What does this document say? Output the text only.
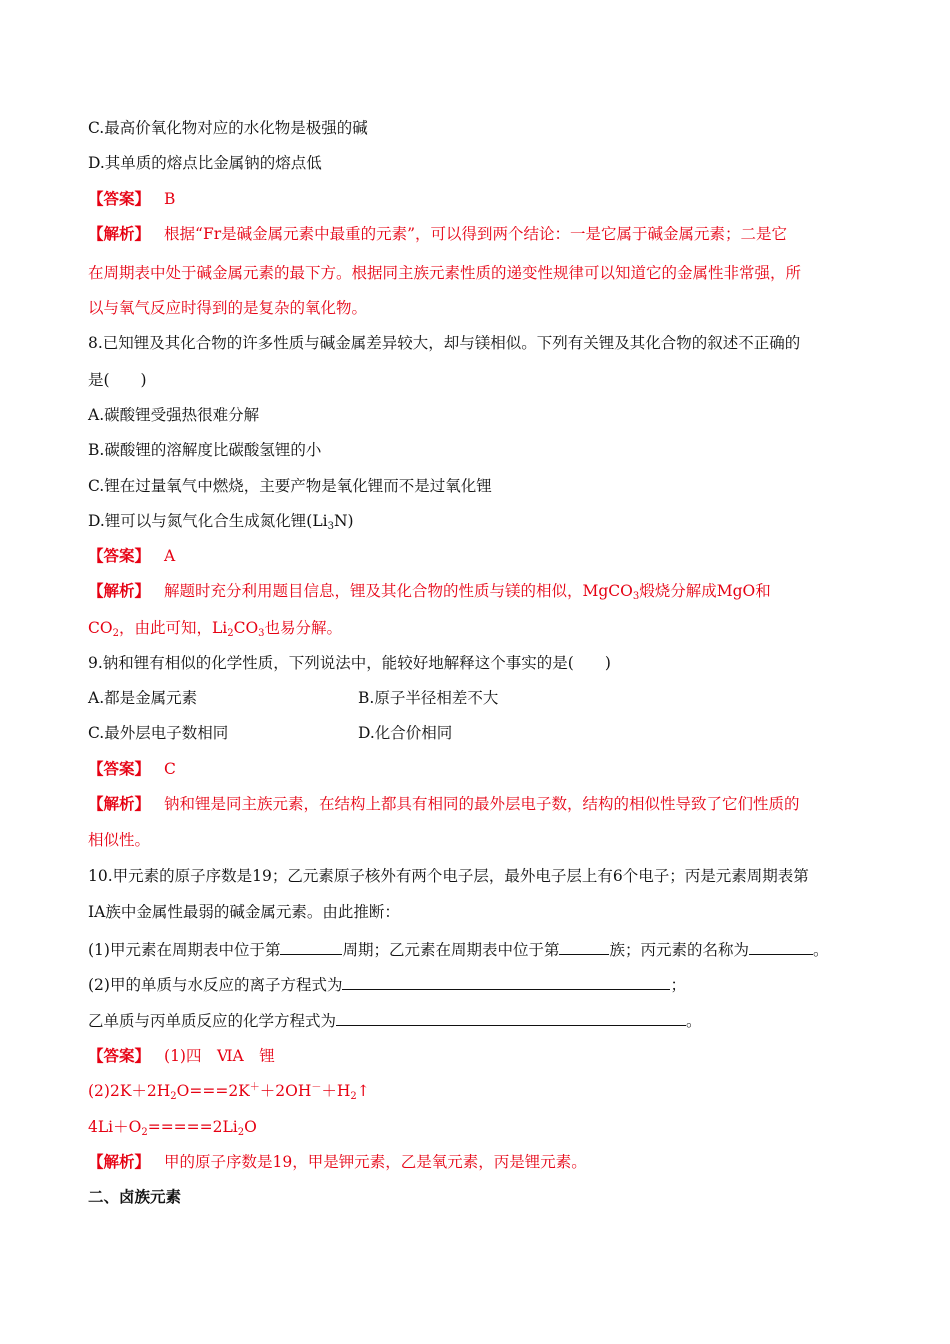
C.最高价氧化物对应的水化物是极强的碱
D.其单质的熔点比金属钠的熔点低
【答案】 B
【解析】 根据“Fr是碱金属元素中最重的元素”，可以得到两个结论：一是它属于碱金属元素；二是它
在周期表中处于碱金属元素的最下方。根据同主族元素性质的递变性规律可以知道它的金属性非常强，所
以与氧气反应时得到的是复杂的氧化物。
8.已知锂及其化合物的许多性质与碱金属差异较大，却与镁相似。下列有关锂及其化合物的叙述不正确的
是(　　)
A.碳酸锂受强热很难分解
B.碳酸锂的溶解度比碳酸氢锂的小
C.锂在过量氧气中燃烧，主要产物是氧化锂而不是过氧化锂
D.锂可以与氮气化合生成氮化锂$(Li_3N)$
【答案】 A
【解析】 解题时充分利用题目信息，锂及其化合物的性质与镁的相似，MgCO$_3$煅烧分解成MgO和
$CO_2$，由此可知，$Li_2CO_3$也易分解。
9.钠和锂有相似的化学性质，下列说法中，能较好地解释这个事实的是(　　)
A.都是金属元素	B.原子半径相差不大
C.最外层电子数相同	D.化合价相同
【答案】 C
【解析】 钠和锂是同主族元素，在结构上都具有相同的最外层电子数，结构的相似性导致了它们性质的
相似性。
10.甲元素的原子序数是19；乙元素原子核外有两个电子层，最外电子层上有6个电子；丙是元素周期表第
ⅠA族中金属性最弱的碱金属元素。由此推断：
(1)甲元素在周期表中位于第	周期；乙元素在周期表中位于第	族；丙元素的名称为	。
(2)甲的单质与水反应的离子方程式为	；
乙单质与丙单质反应的化学方程式为	。
【答案】 (1)四　ⅥA　锂
$(2)2K+2H_2O===2K^++2OH^-+H_2↑$
$4Li+O_2=====2Li_2O$
【解析】 甲的原子序数是19，甲是钾元素，乙是氧元素，丙是锂元素。
二、卤族元素
